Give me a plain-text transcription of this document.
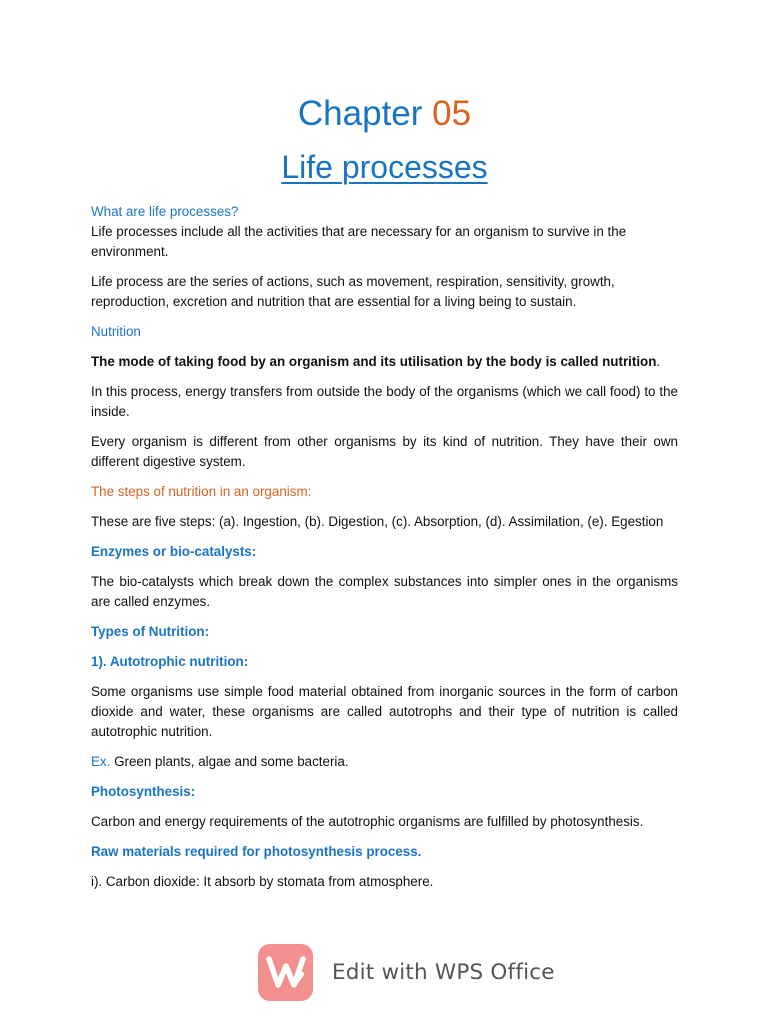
Chapter 05
Life processes

What are life processes?

Life processes include all the activities that are necessary for an organism to survive in the environment.

Life process are the series of actions, such as movement, respiration, sensitivity, growth, reproduction, excretion and nutrition that are essential for a living being to sustain.

Nutrition

The mode of taking food by an organism and its utilisation by the body is called nutrition.

In this process, energy transfers from outside the body of the organisms (which we call food) to the inside.

Every organism is different from other organisms by its kind of nutrition. They have their own different digestive system.

The steps of nutrition in an organism:

These are five steps: (a). Ingestion, (b). Digestion, (c). Absorption, (d). Assimilation, (e). Egestion

Enzymes or bio-catalysts:

The bio-catalysts which break down the complex substances into simpler ones in the organisms are called enzymes.

Types of Nutrition:

1). Autotrophic nutrition:

Some organisms use simple food material obtained from inorganic sources in the form of carbon dioxide and water, these organisms are called autotrophs and their type of nutrition is called autotrophic nutrition.

Ex. Green plants, algae and some bacteria.

Photosynthesis:

Carbon and energy requirements of the autotrophic organisms are fulfilled by photosynthesis.

Raw materials required for photosynthesis process.

i). Carbon dioxide: It absorb by stomata from atmosphere.

Edit with WPS Office
